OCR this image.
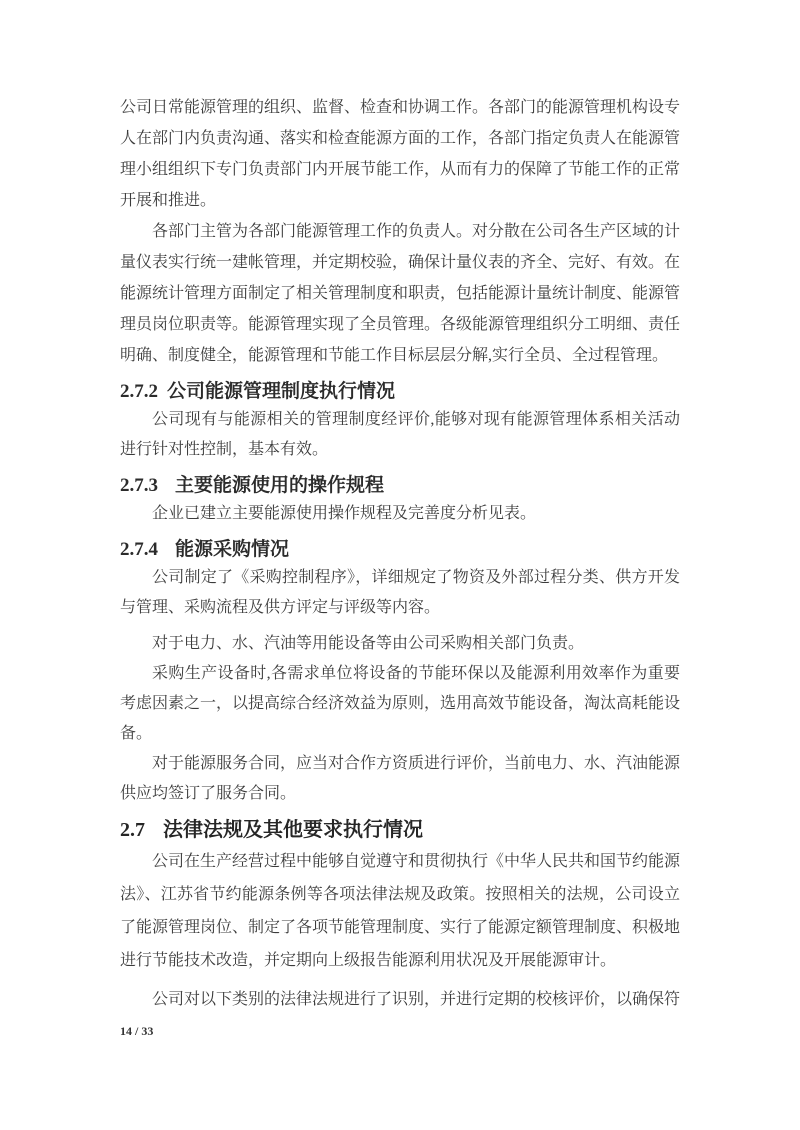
公司日常能源管理的组织、监督、检查和协调工作。各部门的能源管理机构设专人在部门内负责沟通、落实和检查能源方面的工作，各部门指定负责人在能源管理小组组织下专门负责部门内开展节能工作，从而有力的保障了节能工作的正常开展和推进。

各部门主管为各部门能源管理工作的负责人。对分散在公司各生产区域的计量仪表实行统一建帐管理，并定期校验，确保计量仪表的齐全、完好、有效。在能源统计管理方面制定了相关管理制度和职责，包括能源计量统计制度、能源管理员岗位职责等。能源管理实现了全员管理。各级能源管理组织分工明细、责任明确、制度健全，能源管理和节能工作目标层层分解,实行全员、全过程管理。

2.7.2 公司能源管理制度执行情况

公司现有与能源相关的管理制度经评价,能够对现有能源管理体系相关活动进行针对性控制，基本有效。

2.7.3 主要能源使用的操作规程

企业已建立主要能源使用操作规程及完善度分析见表。

2.7.4 能源采购情况

公司制定了《采购控制程序》，详细规定了物资及外部过程分类、供方开发与管理、采购流程及供方评定与评级等内容。

对于电力、水、汽油等用能设备等由公司采购相关部门负责。

采购生产设备时,各需求单位将设备的节能环保以及能源利用效率作为重要考虑因素之一，以提高综合经济效益为原则，选用高效节能设备，淘汰高耗能设备。

对于能源服务合同，应当对合作方资质进行评价，当前电力、水、汽油能源供应均签订了服务合同。

2.7 法律法规及其他要求执行情况

公司在生产经营过程中能够自觉遵守和贯彻执行《中华人民共和国节约能源法》、江苏省节约能源条例等各项法律法规及政策。按照相关的法规，公司设立了能源管理岗位、制定了各项节能管理制度、实行了能源定额管理制度、积极地进行节能技术改造，并定期向上级报告能源利用状况及开展能源审计。

公司对以下类别的法律法规进行了识别，并进行定期的校核评价，以确保符

14 / 33
